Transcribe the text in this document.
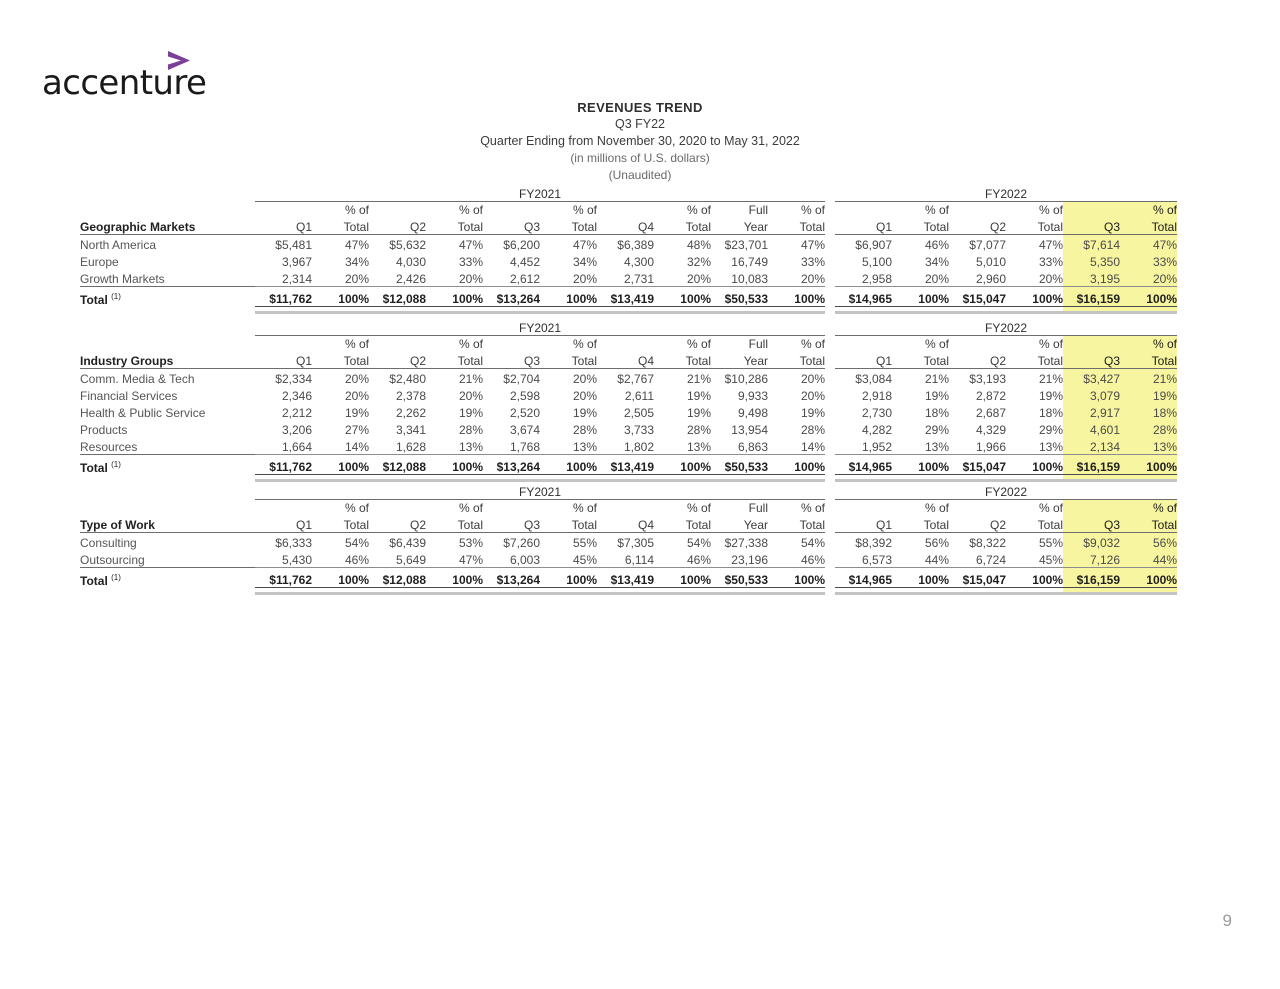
accenture
REVENUES TREND
Q3 FY22
Quarter Ending from November 30, 2020 to May 31, 2022
(in millions of U.S. dollars)
(Unaudited)
	FY2021											FY2022					
		% of		% of		% of		% of	Full	% of			% of		% of		% of
Geographic Markets	Q1	Total	Q2	Total	Q3	Total	Q4	Total	Year	Total		Q1	Total	Q2	Total	Q3	Total
North America	$5,481	47%	$5,632	47%	$6,200	47%	$6,389	48%	$23,701	47%		$6,907	46%	$7,077	47%	$7,614	47%
Europe	3,967	34%	4,030	33%	4,452	34%	4,300	32%	16,749	33%		5,100	34%	5,010	33%	5,350	33%
Growth Markets	2,314	20%	2,426	20%	2,612	20%	2,731	20%	10,083	20%		2,958	20%	2,960	20%	3,195	20%
Total $^{(1)}$	$11,762	100%	$12,088	100%	$13,264	100%	$13,419	100%	$50,533	100%		$14,965	100%	$15,047	100%	$16,159	100%

	FY2021											FY2022					
		% of		% of		% of		% of	Full	% of			% of		% of		% of
Industry Groups	Q1	Total	Q2	Total	Q3	Total	Q4	Total	Year	Total		Q1	Total	Q2	Total	Q3	Total
Comm. Media & Tech	$2,334	20%	$2,480	21%	$2,704	20%	$2,767	21%	$10,286	20%		$3,084	21%	$3,193	21%	$3,427	21%
Financial Services	2,346	20%	2,378	20%	2,598	20%	2,611	19%	9,933	20%		2,918	19%	2,872	19%	3,079	19%
Health & Public Service	2,212	19%	2,262	19%	2,520	19%	2,505	19%	9,498	19%		2,730	18%	2,687	18%	2,917	18%
Products	3,206	27%	3,341	28%	3,674	28%	3,733	28%	13,954	28%		4,282	29%	4,329	29%	4,601	28%
Resources	1,664	14%	1,628	13%	1,768	13%	1,802	13%	6,863	14%		1,952	13%	1,966	13%	2,134	13%
Total $^{(1)}$	$11,762	100%	$12,088	100%	$13,264	100%	$13,419	100%	$50,533	100%		$14,965	100%	$15,047	100%	$16,159	100%

	FY2021											FY2022					
		% of		% of		% of		% of	Full	% of			% of		% of		% of
Type of Work	Q1	Total	Q2	Total	Q3	Total	Q4	Total	Year	Total		Q1	Total	Q2	Total	Q3	Total
Consulting	$6,333	54%	$6,439	53%	$7,260	55%	$7,305	54%	$27,338	54%		$8,392	56%	$8,322	55%	$9,032	56%
Outsourcing	5,430	46%	5,649	47%	6,003	45%	6,114	46%	23,196	46%		6,573	44%	6,724	45%	7,126	44%
Total $^{(1)}$	$11,762	100%	$12,088	100%	$13,264	100%	$13,419	100%	$50,533	100%		$14,965	100%	$15,047	100%	$16,159	100%

9
